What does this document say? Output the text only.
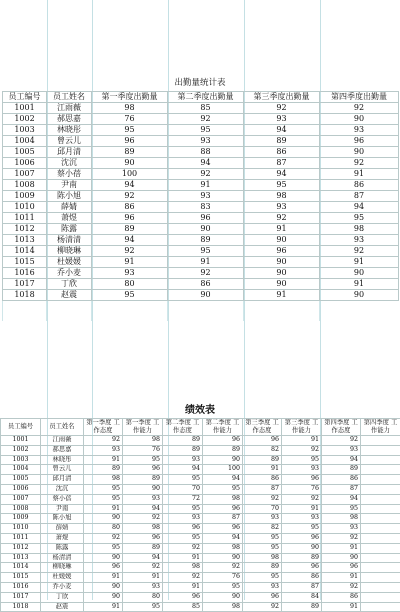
出勤量统计表
员工编号	员工姓名	第一季度出勤量	第二季度出勤量	第三季度出勤量	第四季度出勤量
1001	江雨薇	98	85	92	92
1002	郝思嘉	76	92	93	90
1003	林晓彤	95	95	94	93
1004	曾云儿	96	93	89	96
1005	邱月清	89	88	86	90
1006	沈沉	90	94	87	92
1007	蔡小蓓	100	92	94	91
1008	尹南	94	91	95	86
1009	陈小旭	92	93	98	87
1010	薛婧	86	83	93	94
1011	萧煜	96	96	92	95
1012	陈露	89	90	91	98
1013	杨清清	94	89	90	93
1014	柳晓琳	92	95	96	92
1015	杜媛媛	91	91	90	91
1016	乔小麦	93	92	90	90
1017	丁欣	80	86	90	91
1018	赵震	95	90	91	90

绩效表
员工编号	员工姓名	第一季度 工作态度	第一季度 工作能力	第二季度 工作态度	第二季度 工作能力	第三季度 工作态度	第三季度 工作能力	第四季度 工作态度	第四季度 工作能力
1001	江雨薇	92	98	89	96	96	91	92	
1002	郝思嘉	93	76	89	89	82	92	93	
1003	林晓彤	91	95	93	90	89	95	94	
1004	曾云儿	89	96	94	100	91	93	89	
1005	邱月清	98	89	95	94	86	96	86	
1006	沈沉	95	90	70	95	87	76	87	
1007	蔡小蓓	95	93	72	98	92	92	94	
1008	尹南	91	94	95	96	70	91	95	
1009	陈小旭	90	92	93	87	93	93	98	
1010	薛婧	80	98	96	96	82	95	93	
1011	萧煜	92	96	95	94	95	96	92	
1012	陈露	95	89	92	98	95	90	91	
1013	杨清清	90	94	91	90	98	89	90	
1014	柳晓琳	96	92	98	92	89	96	96	
1015	杜媛媛	91	91	92	76	95	86	91	
1016	乔小麦	90	93	91	95	93	87	92	
1017	丁欣	90	80	96	90	96	84	86	
1018	赵震	91	95	85	98	92	89	91	
